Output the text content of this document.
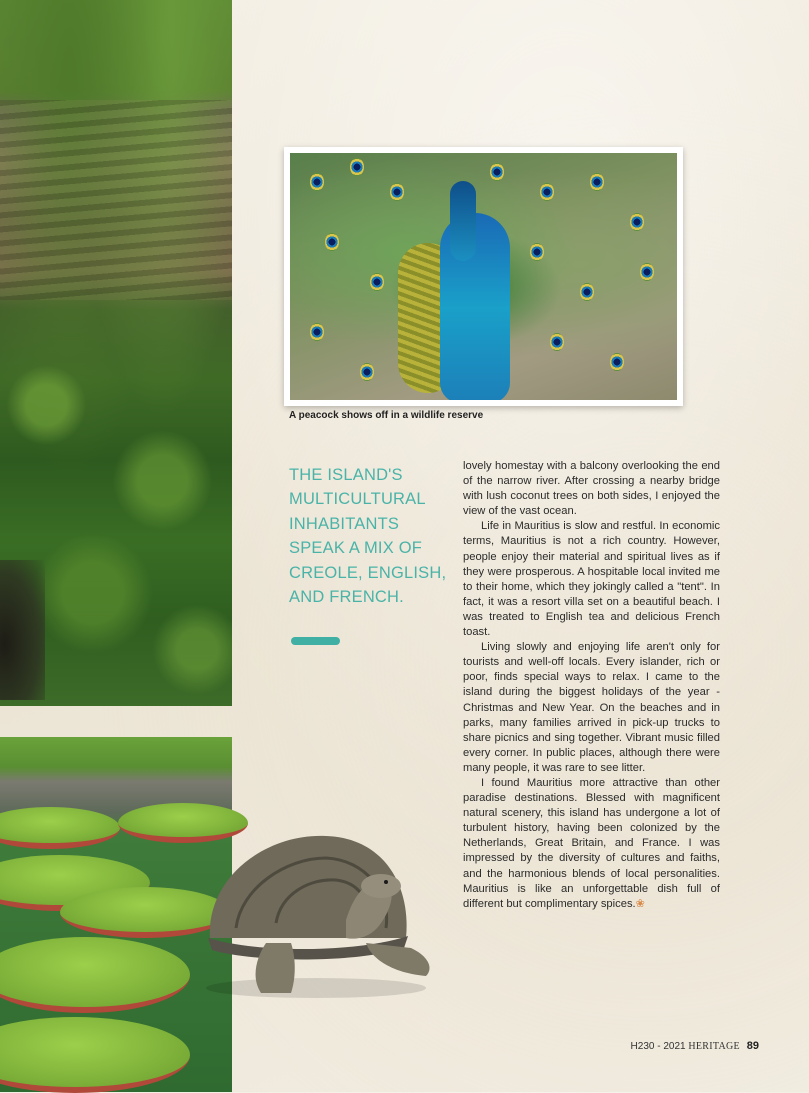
A peacock shows off in a wildlife reserve
THE ISLAND'S MULTICULTURAL INHABITANTS SPEAK A MIX OF CREOLE, ENGLISH, AND FRENCH.

lovely homestay with a balcony overlooking the end of the narrow river. After crossing a nearby bridge with lush coconut trees on both sides, I enjoyed the view of the vast ocean.

Life in Mauritius is slow and restful. In economic terms, Mauritius is not a rich country. However, people enjoy their material and spiritual lives as if they were prosperous. A hospitable local invited me to their home, which they jokingly called a "tent". In fact, it was a resort villa set on a beautiful beach. I was treated to English tea and delicious French toast.

Living slowly and enjoying life aren't only for tourists and well-off locals. Every islander, rich or poor, finds special ways to relax. I came to the island during the biggest holidays of the year - Christmas and New Year. On the beaches and in parks, many families arrived in pick-up trucks to share picnics and sing together. Vibrant music filled every corner. In public places, although there were many people, it was rare to see litter.

I found Mauritius more attractive than other paradise destinations. Blessed with magnificent natural scenery, this island has undergone a lot of turbulent history, having been colonized by the Netherlands, Great Britain, and France. I was impressed by the diversity of cultures and faiths, and the harmonious blends of local personalities. Mauritius is like an unforgettable dish full of different but complimentary spices.❀

H230 - 2021 HERITAGE 89
